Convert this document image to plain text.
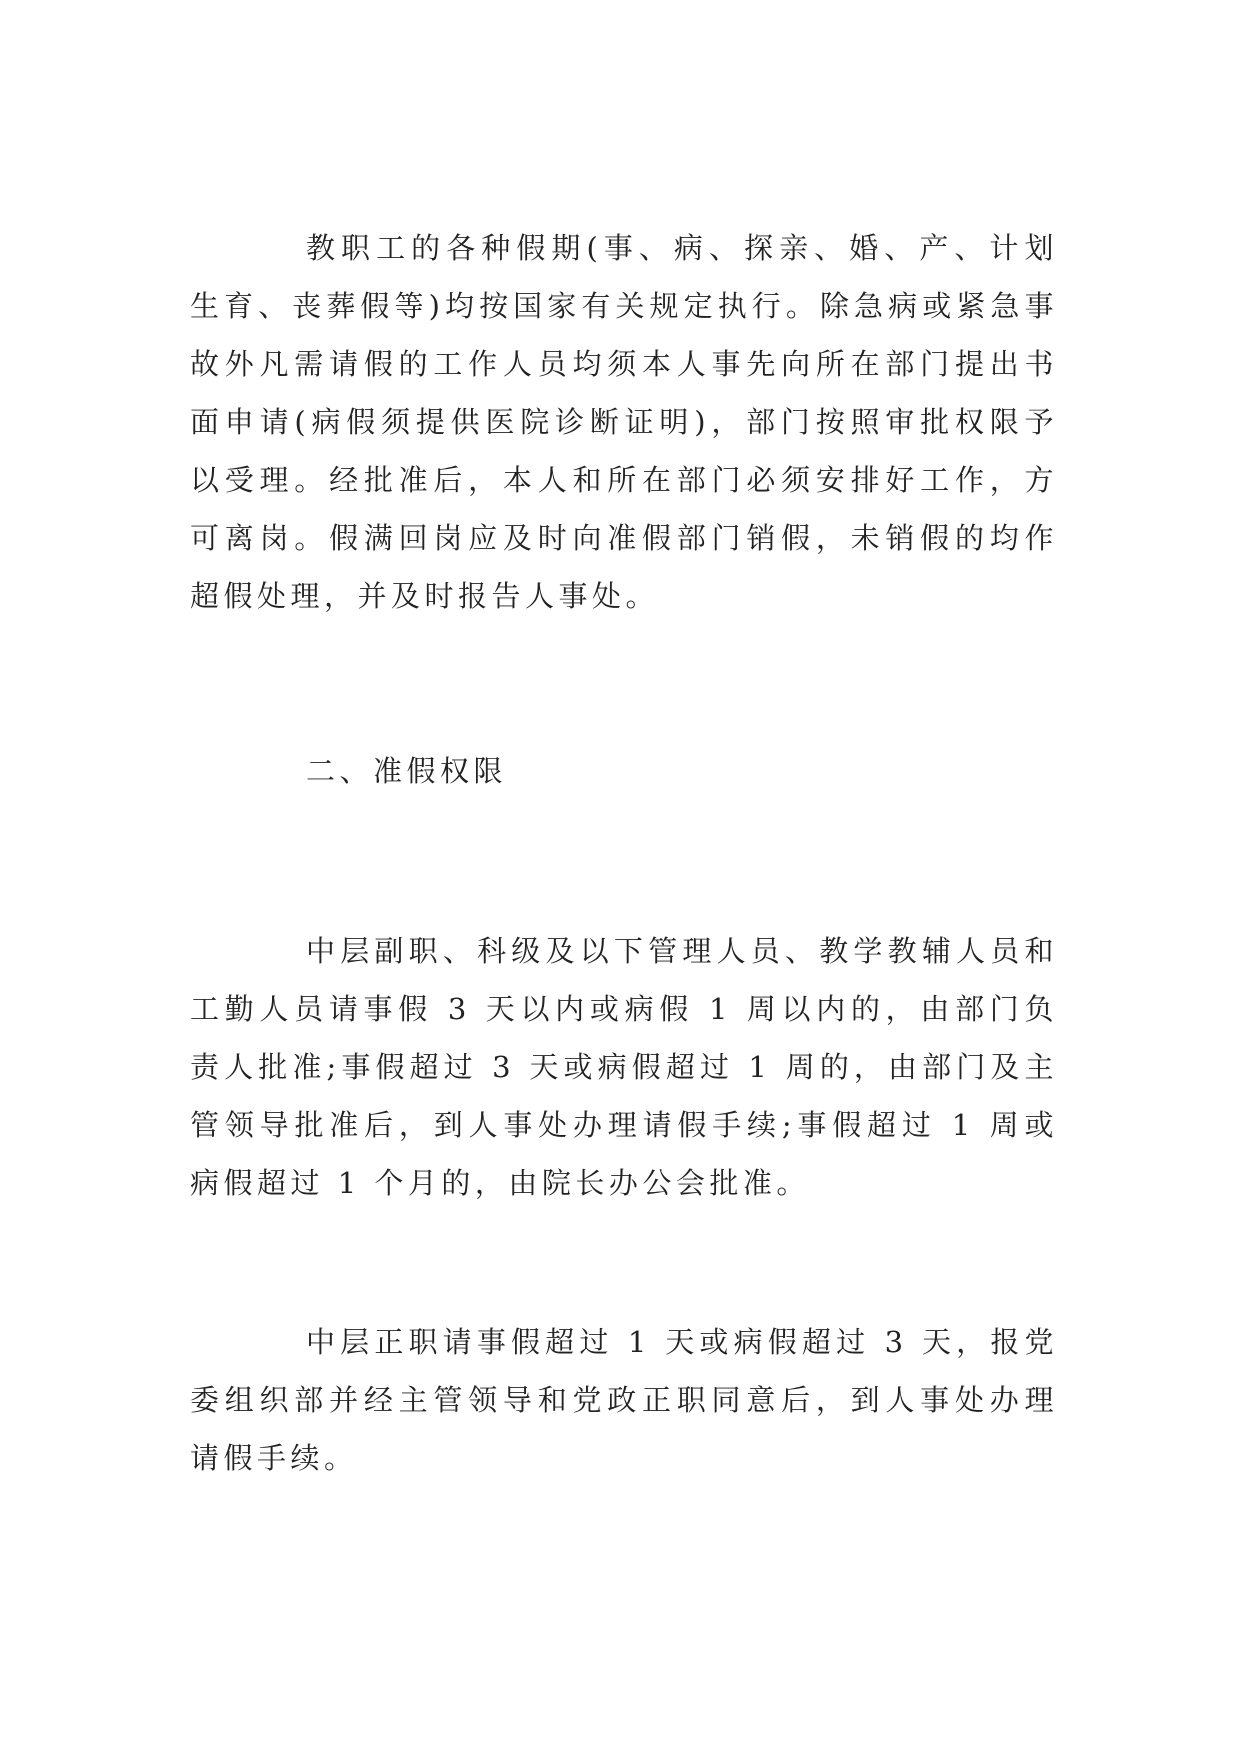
教职工的各种假期(事、病、探亲、婚、产、计划生育、丧葬假等)均按国家有关规定执行。除急病或紧急事故外凡需请假的工作人员均须本人事先向所在部门提出书面申请(病假须提供医院诊断证明)，部门按照审批权限予以受理。经批准后，本人和所在部门必须安排好工作，方可离岗。假满回岗应及时向准假部门销假，未销假的均作超假处理，并及时报告人事处。

二、准假权限

中层副职、科级及以下管理人员、教学教辅人员和工勤人员请事假 3 天以内或病假 1 周以内的，由部门负责人批准;事假超过 3 天或病假超过 1 周的，由部门及主管领导批准后，到人事处办理请假手续;事假超过 1 周或病假超过 1 个月的，由院长办公会批准。

中层正职请事假超过 1 天或病假超过 3 天，报党委组织部并经主管领导和党政正职同意后，到人事处办理请假手续。
